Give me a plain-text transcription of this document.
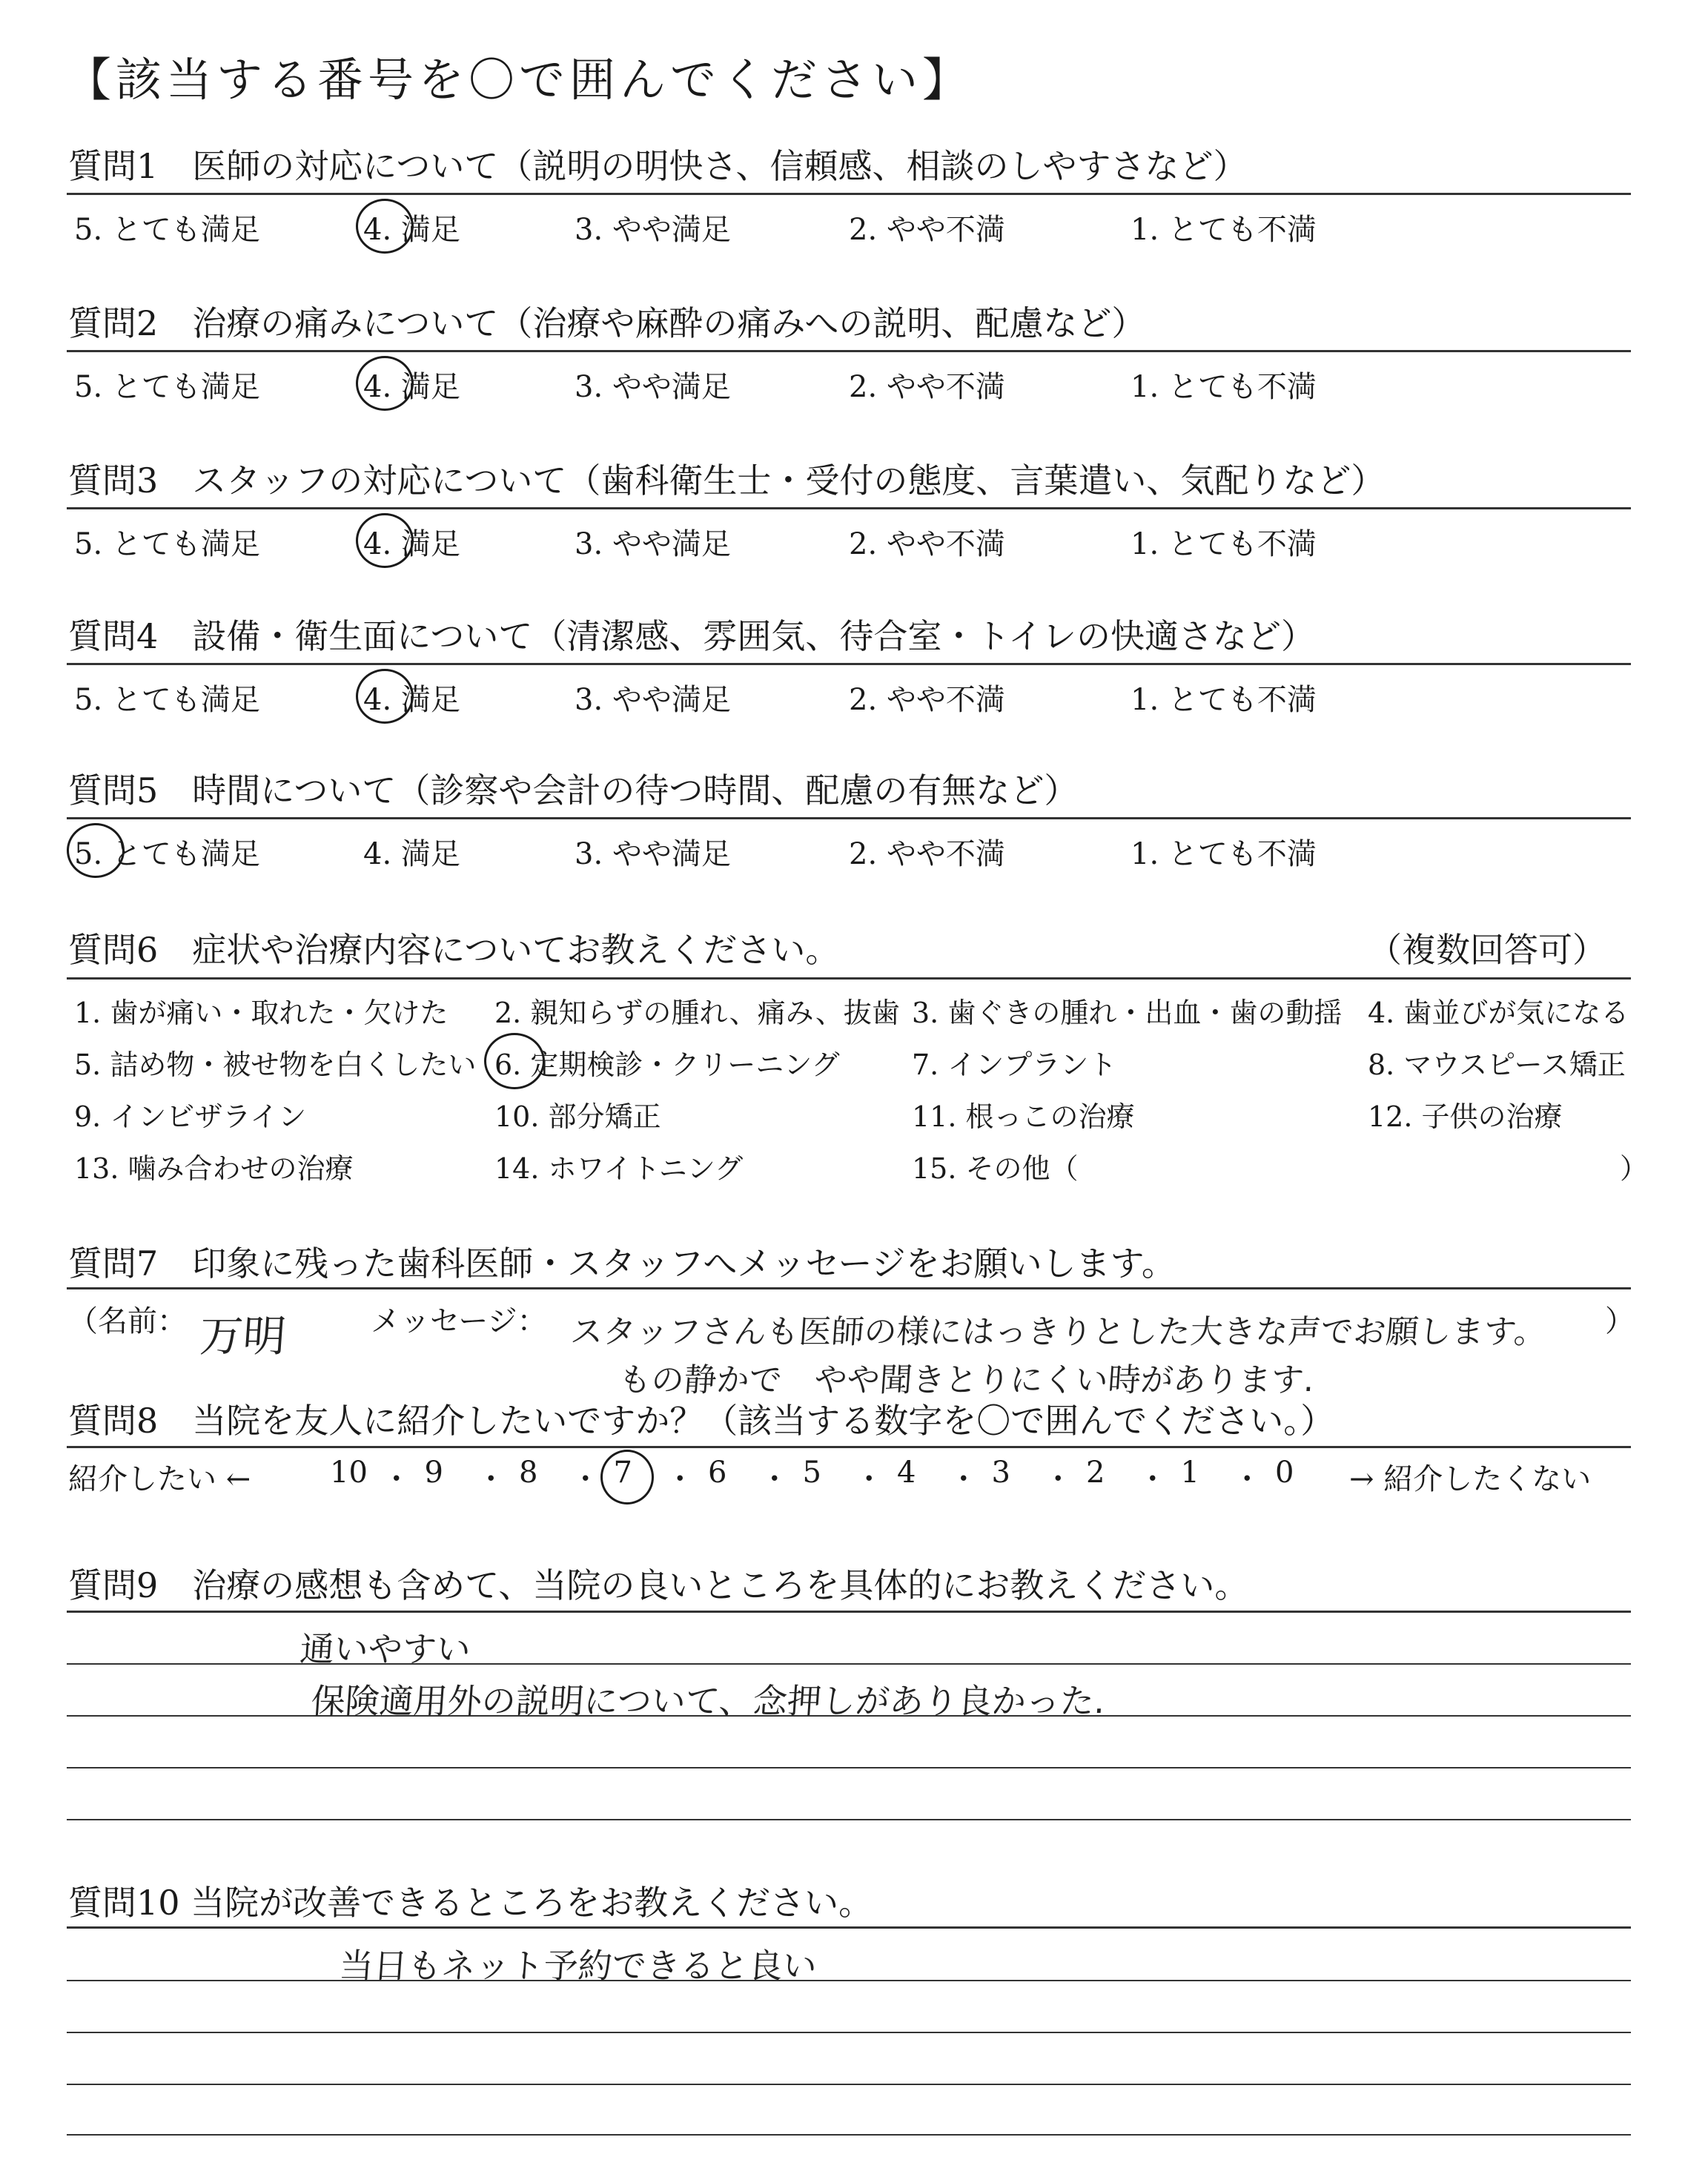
【該当する番号を〇で囲んでください】
質問1　医師の対応について（説明の明快さ、信頼感、相談のしやすさなど）
5. とても満足	4. 満足	3. やや満足	2. やや不満	1. とても不満
質問2　治療の痛みについて（治療や麻酔の痛みへの説明、配慮など）
5. とても満足	4. 満足	3. やや満足	2. やや不満	1. とても不満
質問3　スタッフの対応について（歯科衛生士・受付の態度、言葉遣い、気配りなど）
5. とても満足	4. 満足	3. やや満足	2. やや不満	1. とても不満
質問4　設備・衛生面について（清潔感、雰囲気、待合室・トイレの快適さなど）
5. とても満足	4. 満足	3. やや満足	2. やや不満	1. とても不満
質問5　時間について（診察や会計の待つ時間、配慮の有無など）
5. とても満足	4. 満足	3. やや満足	2. やや不満	1. とても不満
質問6　症状や治療内容についてお教えください。	（複数回答可）
1. 歯が痛い・取れた・欠けた 2. 親知らずの腫れ、痛み、抜歯 3. 歯ぐきの腫れ・出血・歯の動揺 4. 歯並びが気になる
5. 詰め物・被せ物を白くしたい 6. 定期検診・クリーニング	7. インプラント	8. マウスピース矯正
9. インビザライン	10. 部分矯正	11. 根っこの治療	12. 子供の治療
13. 噛み合わせの治療	14. ホワイトニング	15. その他（	）
質問7　印象に残った歯科医師・スタッフへメッセージをお願いします。
（名前： 万明	メッセージ： スタッフさんも医師の様にはっきりとした大きな声でお願します。 ）
もの静かで　やや聞きとりにくい時があります.
質問8　当院を友人に紹介したいですか？（該当する数字を〇で囲んでください。）
紹介したい ←	→ 紹介したくない
10 ・ 9 ・ 8 ・ 7 ・ 6 ・ 5 ・ 4 ・ 3 ・ 2 ・ 1 ・ 0
質問9　治療の感想も含めて、当院の良いところを具体的にお教えください。
通いやすい
保険適用外の説明について、念押しがあり良かった.
質問10 当院が改善できるところをお教えください。
当日もネット予約できると良い
